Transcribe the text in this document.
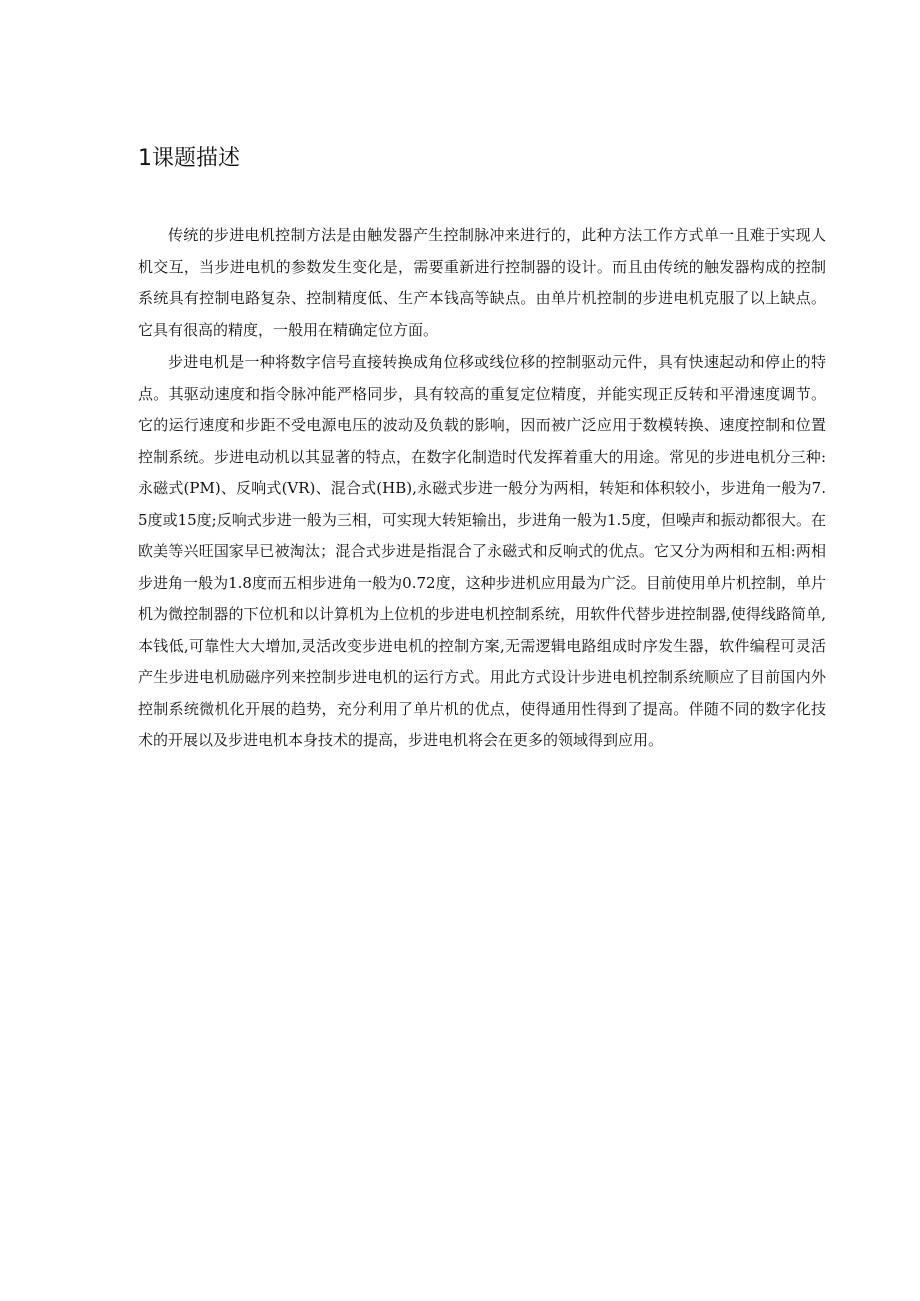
1课题描述

传统的步进电机控制方法是由触发器产生控制脉冲来进行的，此种方法工作方式单一且难于实现人机交互，当步进电机的参数发生变化是，需要重新进行控制器的设计。而且由传统的触发器构成的控制系统具有控制电路复杂、控制精度低、生产本钱高等缺点。由单片机控制的步进电机克服了以上缺点。它具有很高的精度，一般用在精确定位方面。

步进电机是一种将数字信号直接转换成角位移或线位移的控制驱动元件，具有快速起动和停止的特点。其驱动速度和指令脉冲能严格同步，具有较高的重复定位精度，并能实现正反转和平滑速度调节。它的运行速度和步距不受电源电压的波动及负载的影响，因而被广泛应用于数模转换、速度控制和位置控制系统。步进电动机以其显著的特点，在数字化制造时代发挥着重大的用途。常见的步进电机分三种:永磁式(PM)、反响式(VR)、混合式(HB),永磁式步进一般分为两相，转矩和体积较小，步进角一般为7.5度或15度;反响式步进一般为三相，可实现大转矩输出，步进角一般为1.5度，但噪声和振动都很大。在欧美等兴旺国家早已被淘汰；混合式步进是指混合了永磁式和反响式的优点。它又分为两相和五相:两相步进角一般为1.8度而五相步进角一般为0.72度，这种步进机应用最为广泛。目前使用单片机控制，单片机为微控制器的下位机和以计算机为上位机的步进电机控制系统，用软件代替步进控制器,使得线路简单,本钱低,可靠性大大增加,灵活改变步进电机的控制方案,无需逻辑电路组成时序发生器，软件编程可灵活产生步进电机励磁序列来控制步进电机的运行方式。用此方式设计步进电机控制系统顺应了目前国内外控制系统微机化开展的趋势，充分利用了单片机的优点，使得通用性得到了提高。伴随不同的数字化技术的开展以及步进电机本身技术的提高，步进电机将会在更多的领域得到应用。
